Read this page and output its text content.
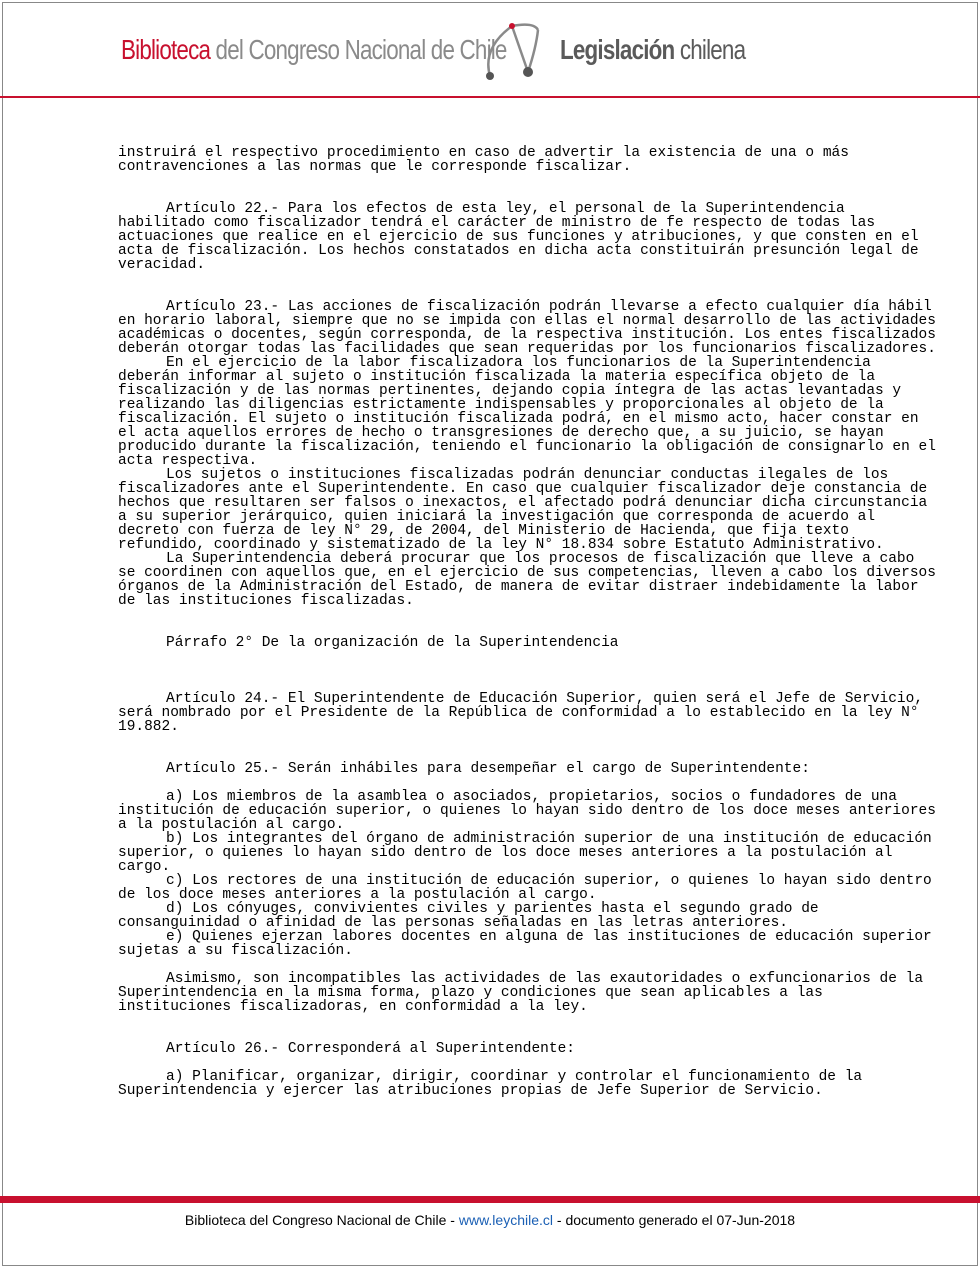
Biblioteca del Congreso Nacional de Chile Legislación chilena

instruirá el respectivo procedimiento en caso de advertir la existencia de una o más contravenciones a las normas que le corresponde fiscalizar.

Artículo 22.- Para los efectos de esta ley, el personal de la Superintendencia habilitado como fiscalizador tendrá el carácter de ministro de fe respecto de todas las actuaciones que realice en el ejercicio de sus funciones y atribuciones, y que consten en el acta de fiscalización. Los hechos constatados en dicha acta constituirán presunción legal de veracidad.

Artículo 23.- Las acciones de fiscalización podrán llevarse a efecto cualquier día hábil en horario laboral, siempre que no se impida con ellas el normal desarrollo de las actividades académicas o docentes, según corresponda, de la respectiva institución. Los entes fiscalizados deberán otorgar todas las facilidades que sean requeridas por los funcionarios fiscalizadores.

En el ejercicio de la labor fiscalizadora los funcionarios de la Superintendencia deberán informar al sujeto o institución fiscalizada la materia específica objeto de la fiscalización y de las normas pertinentes, dejando copia íntegra de las actas levantadas y realizando las diligencias estrictamente indispensables y proporcionales al objeto de la fiscalización. El sujeto o institución fiscalizada podrá, en el mismo acto, hacer constar en el acta aquellos errores de hecho o transgresiones de derecho que, a su juicio, se hayan producido durante la fiscalización, teniendo el funcionario la obligación de consignarlo en el acta respectiva.

Los sujetos o instituciones fiscalizadas podrán denunciar conductas ilegales de los fiscalizadores ante el Superintendente. En caso que cualquier fiscalizador deje constancia de hechos que resultaren ser falsos o inexactos, el afectado podrá denunciar dicha circunstancia a su superior jerárquico, quien iniciará la investigación que corresponda de acuerdo al decreto con fuerza de ley N° 29, de 2004, del Ministerio de Hacienda, que fija texto refundido, coordinado y sistematizado de la ley N° 18.834 sobre Estatuto Administrativo.

La Superintendencia deberá procurar que los procesos de fiscalización que lleve a cabo se coordinen con aquellos que, en el ejercicio de sus competencias, lleven a cabo los diversos órganos de la Administración del Estado, de manera de evitar distraer indebidamente la labor de las instituciones fiscalizadas.

Párrafo 2° De la organización de la Superintendencia

Artículo 24.- El Superintendente de Educación Superior, quien será el Jefe de Servicio, será nombrado por el Presidente de la República de conformidad a lo establecido en la ley N° 19.882.

Artículo 25.- Serán inhábiles para desempeñar el cargo de Superintendente:

a) Los miembros de la asamblea o asociados, propietarios, socios o fundadores de una institución de educación superior, o quienes lo hayan sido dentro de los doce meses anteriores a la postulación al cargo.

b) Los integrantes del órgano de administración superior de una institución de educación superior, o quienes lo hayan sido dentro de los doce meses anteriores a la postulación al cargo.

c) Los rectores de una institución de educación superior, o quienes lo hayan sido dentro de los doce meses anteriores a la postulación al cargo.

d) Los cónyuges, convivientes civiles y parientes hasta el segundo grado de consanguinidad o afinidad de las personas señaladas en las letras anteriores.

e) Quienes ejerzan labores docentes en alguna de las instituciones de educación superior sujetas a su fiscalización.

Asimismo, son incompatibles las actividades de las exautoridades o exfuncionarios de la Superintendencia en la misma forma, plazo y condiciones que sean aplicables a las instituciones fiscalizadoras, en conformidad a la ley.

Artículo 26.- Corresponderá al Superintendente:

a) Planificar, organizar, dirigir, coordinar y controlar el funcionamiento de la Superintendencia y ejercer las atribuciones propias de Jefe Superior de Servicio.

Biblioteca del Congreso Nacional de Chile - www.leychile.cl - documento generado el 07-Jun-2018
